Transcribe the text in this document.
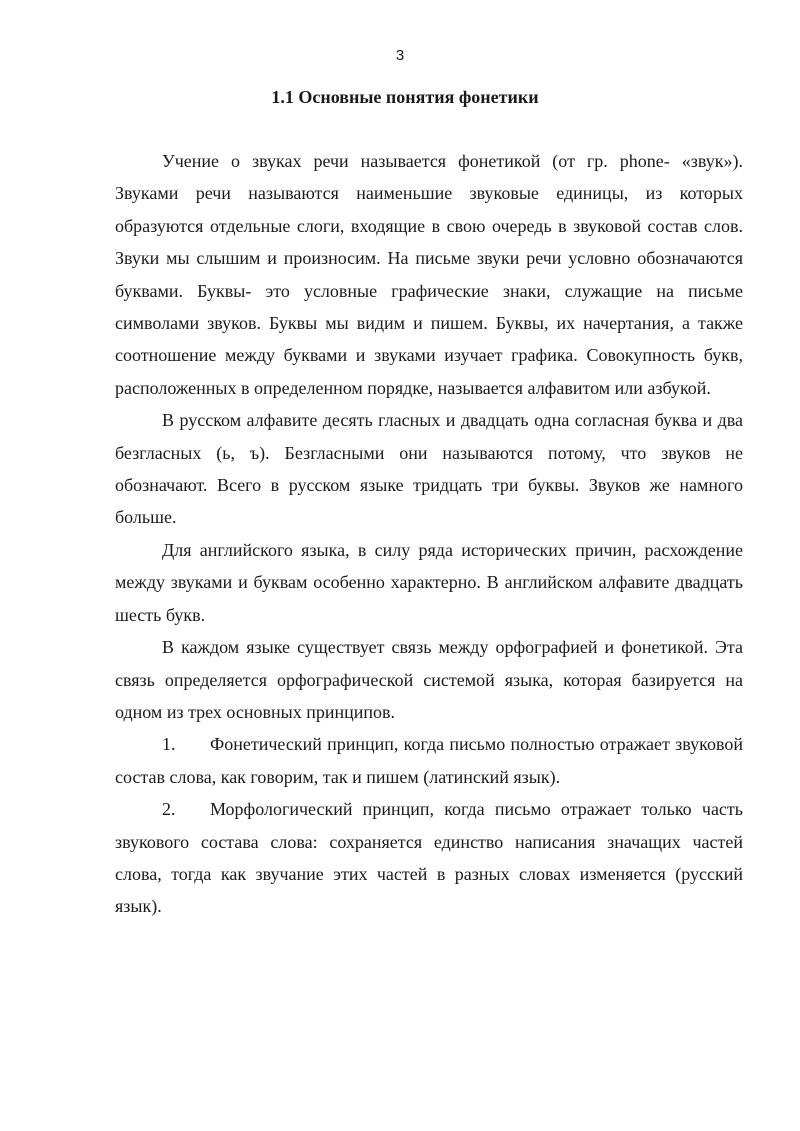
3
1.1 Основные понятия фонетики

Учение о звуках речи называется фонетикой (от гр. phone- «звук»). Звуками речи называются наименьшие звуковые единицы, из которых образуются отдельные слоги, входящие в свою очередь в звуковой состав слов. Звуки мы слышим и произносим. На письме звуки речи условно обозначаются буквами. Буквы- это условные графические знаки, служащие на письме символами звуков. Буквы мы видим и пишем. Буквы, их начертания, а также соотношение между буквами и звуками изучает графика. Совокупность букв, расположенных в определенном порядке, называется алфавитом или азбукой.

В русском алфавите десять гласных и двадцать одна согласная буква и два безгласных (ь, ъ). Безгласными они называются потому, что звуков не обозначают. Всего в русском языке тридцать три буквы. Звуков же намного больше.

Для английского языка, в силу ряда исторических причин, расхождение между звуками и буквам особенно характерно. В английском алфавите двадцать шесть букв.

В каждом языке существует связь между орфографией и фонетикой. Эта связь определяется орфографической системой языка, которая базируется на одном из трех основных принципов.

1. Фонетический принцип, когда письмо полностью отражает звуковой состав слова, как говорим, так и пишем (латинский язык).

2. Морфологический принцип, когда письмо отражает только часть звукового состава слова: сохраняется единство написания значащих частей слова, тогда как звучание этих частей в разных словах изменяется (русский язык).
